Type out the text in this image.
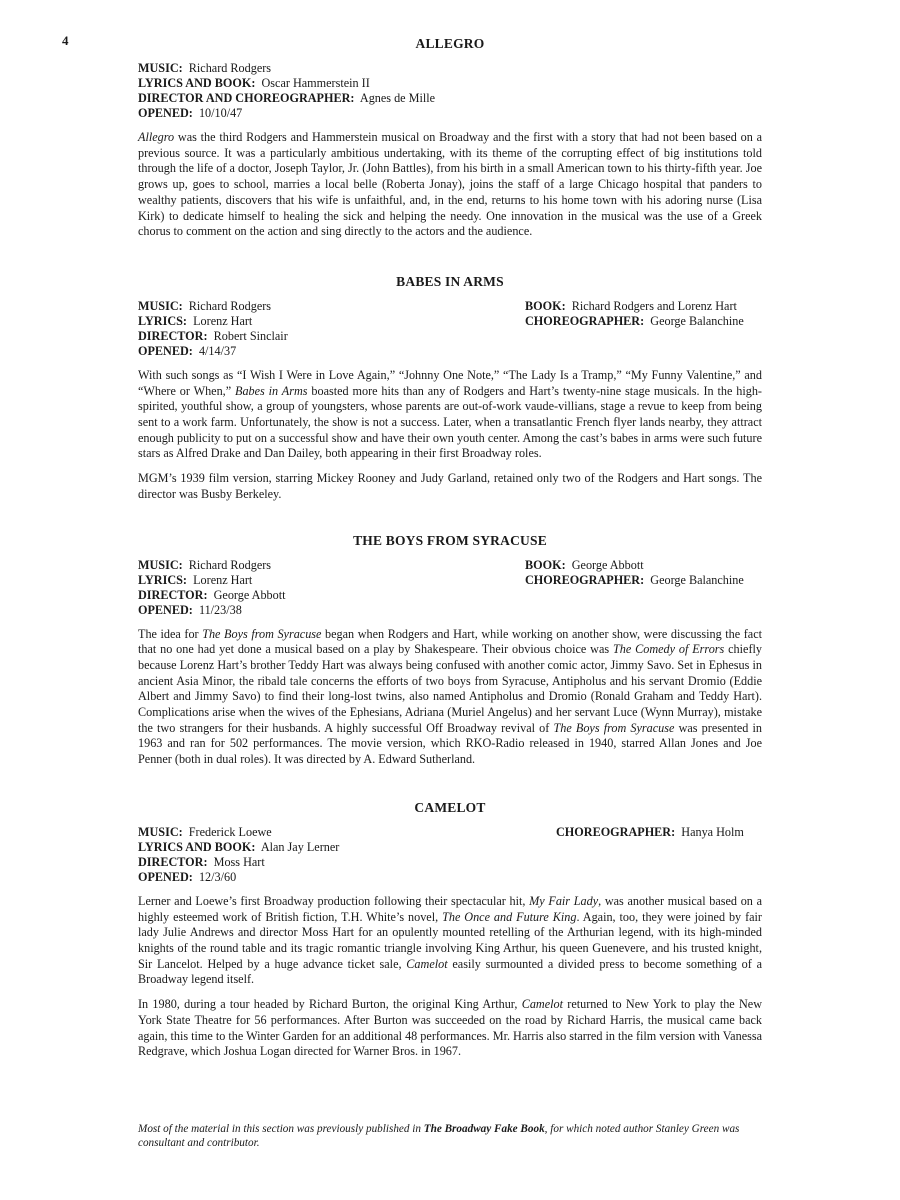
4	ALLEGRO
MUSIC: Richard Rodgers
LYRICS AND BOOK: Oscar Hammerstein II
DIRECTOR AND CHOREOGRAPHER: Agnes de Mille
OPENED: 10/10/47

Allegro was the third Rodgers and Hammerstein musical on Broadway and the first with a story that had not been based on a previous source. It was a particularly ambitious undertaking, with its theme of the corrupting effect of big institutions told through the life of a doctor, Joseph Taylor, Jr. (John Battles), from his birth in a small American town to his thirty-fifth year. Joe grows up, goes to school, marries a local belle (Roberta Jonay), joins the staff of a large Chicago hospital that panders to wealthy patients, discovers that his wife is unfaithful, and, in the end, returns to his home town with his adoring nurse (Lisa Kirk) to dedicate himself to healing the sick and helping the needy. One innovation in the musical was the use of a Greek chorus to comment on the action and sing directly to the actors and the audience.

BABES IN ARMS
MUSIC: Richard Rodgers
LYRICS: Lorenz Hart
DIRECTOR: Robert Sinclair
OPENED: 4/14/37
BOOK: Richard Rodgers and Lorenz Hart
CHOREOGRAPHER: George Balanchine

With such songs as “I Wish I Were in Love Again,” “Johnny One Note,” “The Lady Is a Tramp,” “My Funny Valentine,” and “Where or When,” Babes in Arms boasted more hits than any of Rodgers and Hart’s twenty-nine stage musicals. In the high-spirited, youthful show, a group of youngsters, whose parents are out-of-work vaude-villians, stage a revue to keep from being sent to a work farm. Unfortunately, the show is not a success. Later, when a transatlantic French flyer lands nearby, they attract enough publicity to put on a successful show and have their own youth center. Among the cast’s babes in arms were such future stars as Alfred Drake and Dan Dailey, both appearing in their first Broadway roles.

MGM’s 1939 film version, starring Mickey Rooney and Judy Garland, retained only two of the Rodgers and Hart songs. The director was Busby Berkeley.

THE BOYS FROM SYRACUSE
MUSIC: Richard Rodgers
LYRICS: Lorenz Hart
DIRECTOR: George Abbott
OPENED: 11/23/38
BOOK: George Abbott
CHOREOGRAPHER: George Balanchine

The idea for The Boys from Syracuse began when Rodgers and Hart, while working on another show, were discussing the fact that no one had yet done a musical based on a play by Shakespeare. Their obvious choice was The Comedy of Errors chiefly because Lorenz Hart’s brother Teddy Hart was always being confused with another comic actor, Jimmy Savo. Set in Ephesus in ancient Asia Minor, the ribald tale concerns the efforts of two boys from Syracuse, Antipholus and his servant Dromio (Eddie Albert and Jimmy Savo) to find their long-lost twins, also named Antipholus and Dromio (Ronald Graham and Teddy Hart). Complications arise when the wives of the Ephesians, Adriana (Muriel Angelus) and her servant Luce (Wynn Murray), mistake the two strangers for their husbands. A highly successful Off Broadway revival of The Boys from Syracuse was presented in 1963 and ran for 502 performances. The movie version, which RKO-Radio released in 1940, starred Allan Jones and Joe Penner (both in dual roles). It was directed by A. Edward Sutherland.

CAMELOT
MUSIC: Frederick Loewe
LYRICS AND BOOK: Alan Jay Lerner
DIRECTOR: Moss Hart
OPENED: 12/3/60
CHOREOGRAPHER: Hanya Holm

Lerner and Loewe’s first Broadway production following their spectacular hit, My Fair Lady, was another musical based on a highly esteemed work of British fiction, T.H. White’s novel, The Once and Future King. Again, too, they were joined by fair lady Julie Andrews and director Moss Hart for an opulently mounted retelling of the Arthurian legend, with its high-minded knights of the round table and its tragic romantic triangle involving King Arthur, his queen Guenevere, and his trusted knight, Sir Lancelot. Helped by a huge advance ticket sale, Camelot easily surmounted a divided press to become something of a Broadway legend itself.

In 1980, during a tour headed by Richard Burton, the original King Arthur, Camelot returned to New York to play the New York State Theatre for 56 performances. After Burton was succeeded on the road by Richard Harris, the musical came back again, this time to the Winter Garden for an additional 48 performances. Mr. Harris also starred in the film version with Vanessa Redgrave, which Joshua Logan directed for Warner Bros. in 1967.

Most of the material in this section was previously published in The Broadway Fake Book, for which noted author Stanley Green was consultant and contributor.
